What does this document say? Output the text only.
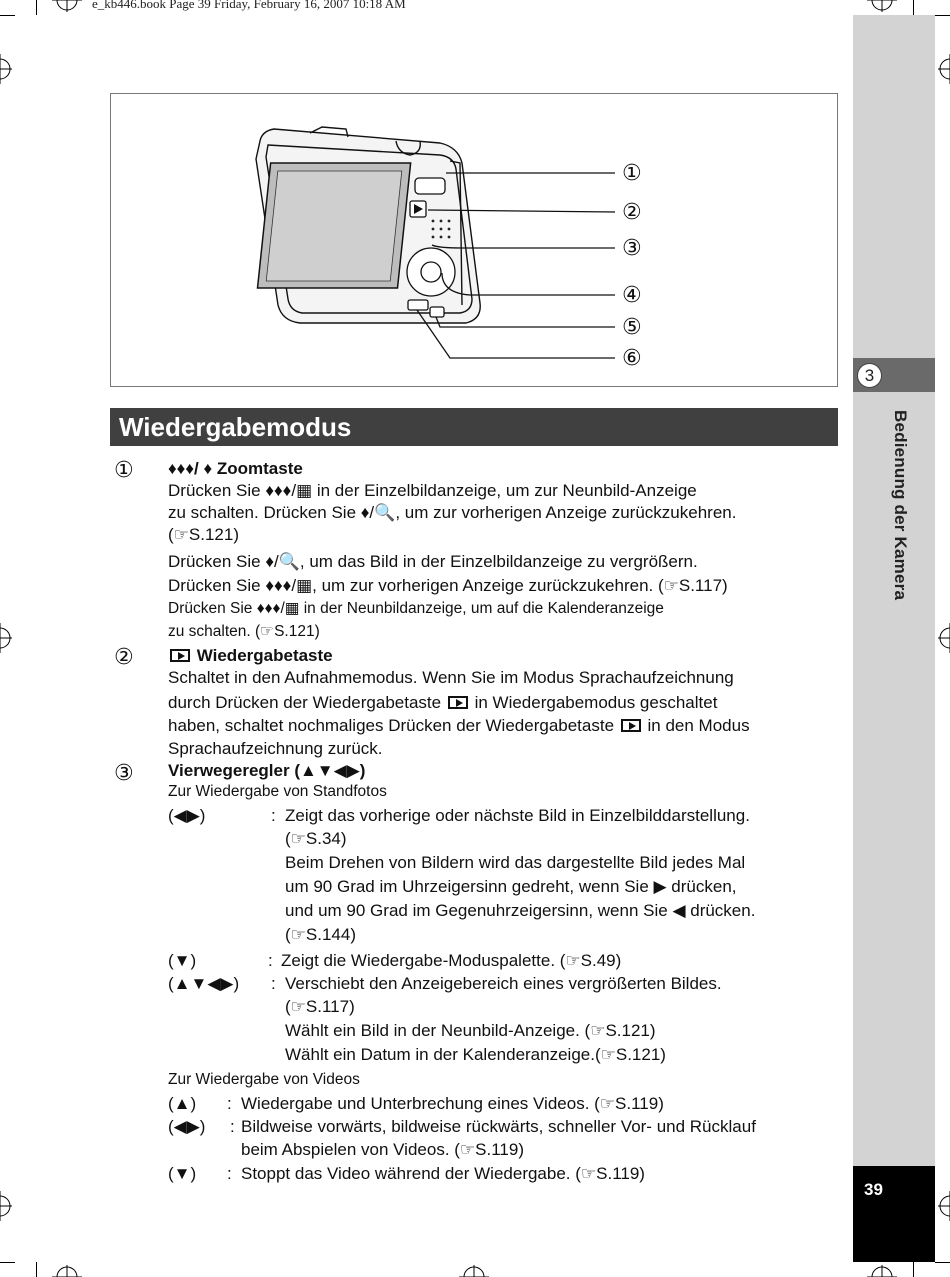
e_kb446.book Page 39 Friday, February 16, 2007 10:18 AM
3
Bedienung der Kamera
39
①
②
③
④
⑤
⑥
Wiedergabemodus
① ♦♦♦/ ♦ Zoomtaste
Drücken Sie ♦♦♦/▦ in der Einzelbildanzeige, um zur Neunbild-Anzeige
zu schalten. Drücken Sie ♦/🔍, um zur vorherigen Anzeige zurückzukehren.
(☞S.121)
Drücken Sie ♦/🔍, um das Bild in der Einzelbildanzeige zu vergrößern.
Drücken Sie ♦♦♦/▦, um zur vorherigen Anzeige zurückzukehren. (☞S.117)
Drücken Sie ♦♦♦/▦ in der Neunbildanzeige, um auf die Kalenderanzeige
zu schalten. (☞S.121)
②	Wiedergabetaste
Schaltet in den Aufnahmemodus. Wenn Sie im Modus Sprachaufzeichnung
durch Drücken der Wiedergabetaste in Wiedergabemodus geschaltet
haben, schaltet nochmaliges Drücken der Wiedergabetaste in den Modus
Sprachaufzeichnung zurück.
③ Vierwegeregler (▲▼◀▶)
Zur Wiedergabe von Standfotos
(◀▶)	: Zeigt das vorherige oder nächste Bild in Einzelbilddarstellung.
(☞S.34)
Beim Drehen von Bildern wird das dargestellte Bild jedes Mal
um 90 Grad im Uhrzeigersinn gedreht, wenn Sie ▶ drücken,
und um 90 Grad im Gegenuhrzeigersinn, wenn Sie ◀ drücken.
(☞S.144)
(▼)	: Zeigt die Wiedergabe-Moduspalette. (☞S.49)
(▲▼◀▶) : Verschiebt den Anzeigebereich eines vergrößerten Bildes.
(☞S.117)
Wählt ein Bild in der Neunbild-Anzeige. (☞S.121)
Wählt ein Datum in der Kalenderanzeige.(☞S.121)
Zur Wiedergabe von Videos
(▲) : Wiedergabe und Unterbrechung eines Videos. (☞S.119)
(◀▶) : Bildweise vorwärts, bildweise rückwärts, schneller Vor- und Rücklauf
beim Abspielen von Videos. (☞S.119)
(▼) : Stoppt das Video während der Wiedergabe. (☞S.119)
